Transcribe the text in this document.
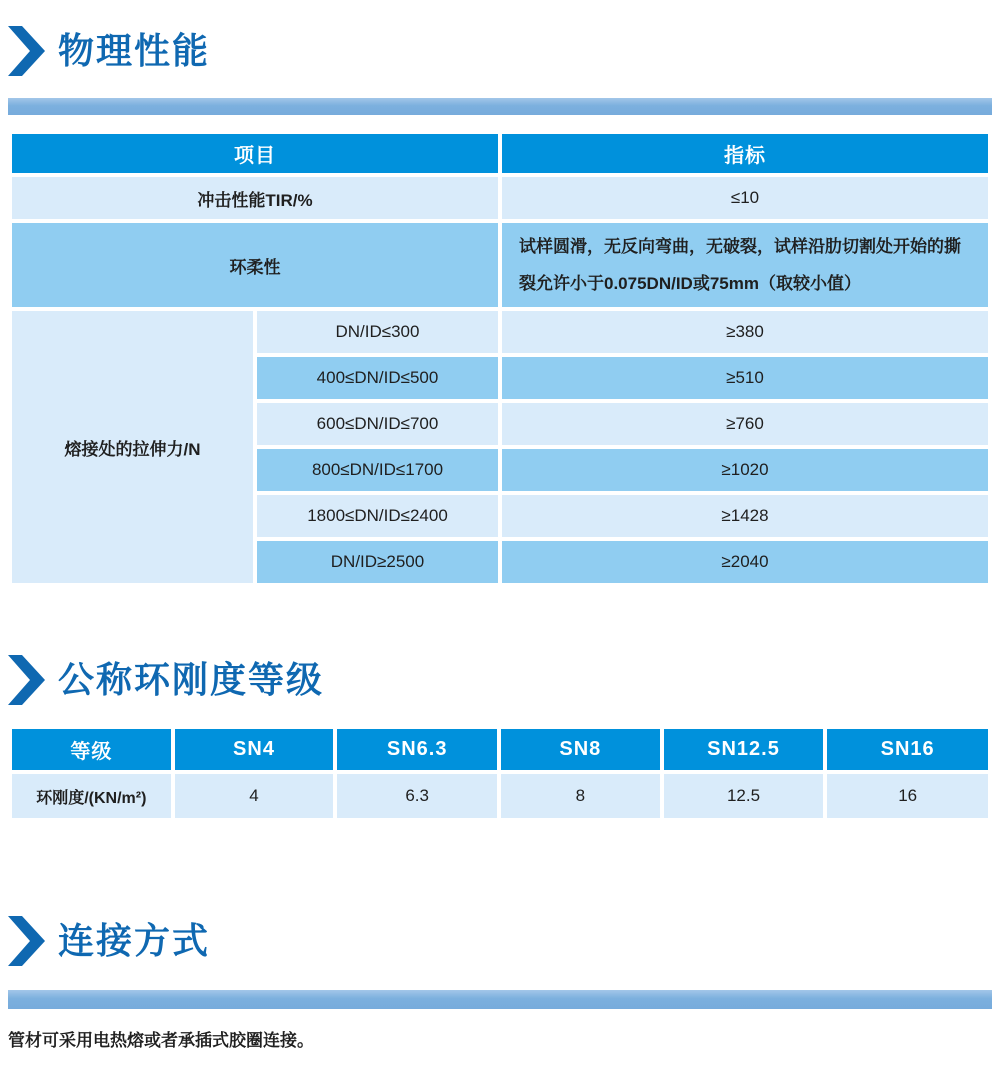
物理性能
项目		指标
冲击性能TIR/%		≤10
环柔性		试样圆滑，无反向弯曲，无破裂，试样沿肋切割处开始的撕裂允许小于0.075DN/ID或75mm（取较小值）
熔接处的拉伸力/N	DN/ID≤300	≥380
	400≤DN/ID≤500	≥510
	600≤DN/ID≤700	≥760
	800≤DN/ID≤1700	≥1020
	1800≤DN/ID≤2400	≥1428
	DN/ID≥2500	≥2040
公称环刚度等级
等级	SN4	SN6.3	SN8	SN12.5	SN16
环刚度/(KN/m²)	4	6.3	8	12.5	16
连接方式
管材可采用电热熔或者承插式胶圈连接。
